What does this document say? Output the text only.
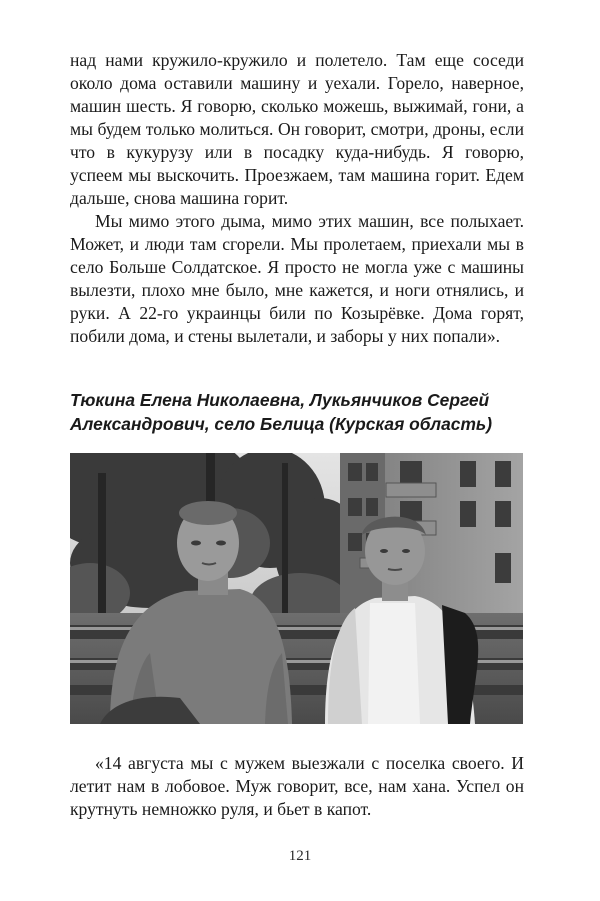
над нами кружило-кружило и полетело. Там еще соседи около дома оставили машину и уехали. Горело, наверное, машин шесть. Я говорю, сколько можешь, выжимай, гони, а мы будем только молиться. Он говорит, смотри, дроны, если что в кукурузу или в посадку куда-нибудь. Я говорю, успеем мы выскочить. Проезжаем, там машина горит. Едем дальше, снова машина горит.

Мы мимо этого дыма, мимо этих машин, все полыхает. Может, и люди там сгорели. Мы пролетаем, приехали мы в село Больше Солдатское. Я просто не могла уже с машины вылезти, плохо мне было, мне кажется, и ноги отнялись, и руки. А 22-го украинцы били по Козырёвке. Дома горят, побили дома, и стены вылетали, и заборы у них попали».

Тюкина Елена Николаевна, Лукьянчиков Сергей Александрович, село Белица (Курская область)

«14 августа мы с мужем выезжали с поселка своего. И летит нам в лобовое. Муж говорит, все, нам хана. Успел он крутнуть немножко руля, и бьет в капот.

121
